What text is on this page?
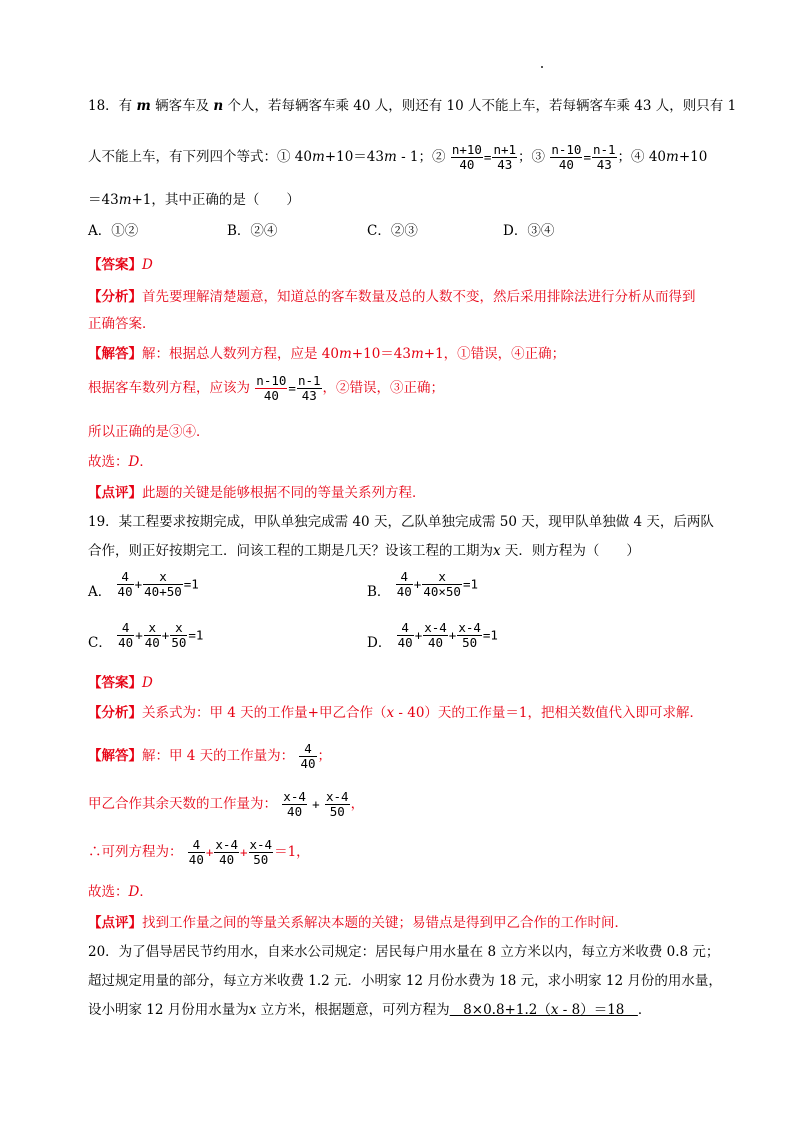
18．有 m 辆客车及 n 个人，若每辆客车乘 40 人，则还有 10 人不能上车，若每辆客车乘 43 人，则只有 1
人不能上车，有下列四个等式：① 40m+10＝43m - 1；② $\frac{n+10}{40} = \frac{n+1}{43}$ ；③ $\frac{n-10}{40} = \frac{n-1}{43}$ ；④ 40m+10
＝43m+1，其中正确的是（　　）
A．①②	B．②④	C．②③	D．③④
【答案】D
【分析】首先要理解清楚题意，知道总的客车数量及总的人数不变，然后采用排除法进行分析从而得到
正确答案．
【解答】解：根据总人数列方程，应是 40m+10＝43m+1，①错误，④正确；
根据客车数列方程，应该为 $\frac{n-10}{40} = \frac{n-1}{43}$ ，②错误，③正确；
所以正确的是③④．
故选：D．
【点评】此题的关键是能够根据不同的等量关系列方程．
19．某工程要求按期完成，甲队单独完成需 40 天，乙队单独完成需 50 天，现甲队单独做 4 天，后两队
合作，则正好按期完工．问该工程的工期是几天？设该工程的工期为x 天．则方程为（　　）
A． $\frac{4}{40} + \frac{x}{40+50} =1$	B． $\frac{4}{40} + \frac{x}{40\times 50} =1$
C． $\frac{4}{40} + \frac{x}{40} + \frac{x}{50} =1$	D． $\frac{4}{40} + \frac{x-4}{40} + \frac{x-4}{50} =1$
【答案】D
【分析】关系式为：甲 4 天的工作量+甲乙合作（x - 40）天的工作量＝1，把相关数值代入即可求解．
【解答】解：甲 4 天的工作量为： $\frac{4}{40}$ ；
甲乙合作其余天数的工作量为： $\frac{x-4}{40} + \frac{x-4}{50}$ ，
∴可列方程为： $\frac{4}{40} + \frac{x-4}{40} + \frac{x-4}{50} =1$，
故选：D．
【点评】找到工作量之间的等量关系解决本题的关键；易错点是得到甲乙合作的工作时间．
20．为了倡导居民节约用水，自来水公司规定：居民每户用水量在 8 立方米以内，每立方米收费 0.8 元；
超过规定用量的部分，每立方米收费 1.2 元．小明家 12 月份水费为 18 元，求小明家 12 月份的用水量，
设小明家 12 月份用水量为x 立方米，根据题意，可列方程为　8×0.8+1.2（x - 8）＝18　．
